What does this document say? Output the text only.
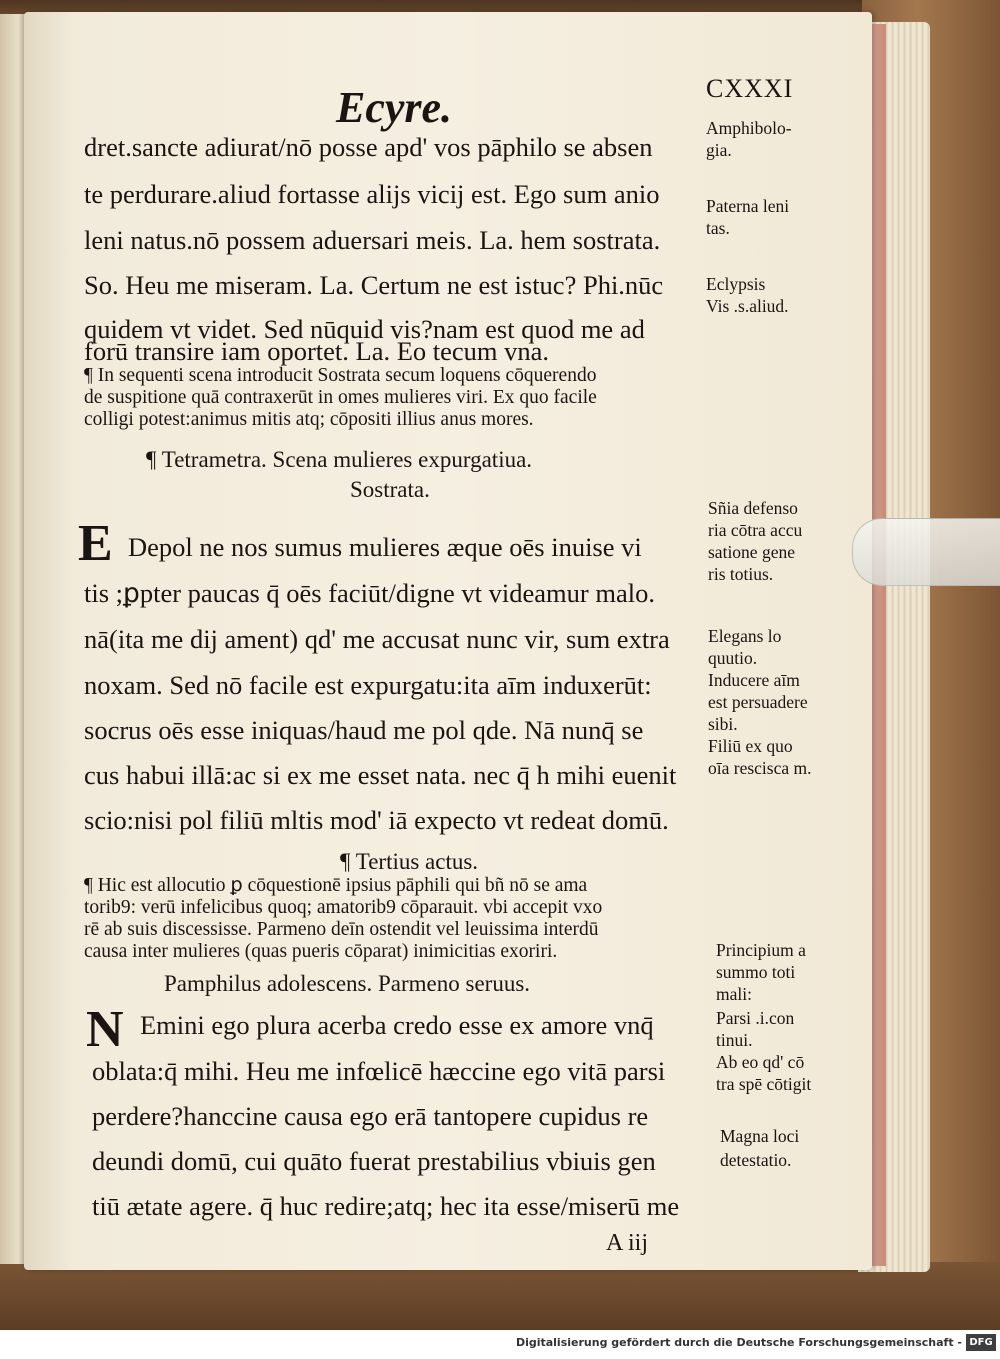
Ecyre.	CXXXI
dret.sancte adiurat/nō posse apd' vos pāphilo se absen
te perdurare.aliud fortasse alijs vicij est. Ego sum anio
leni natus.nō possem aduersari meis. La. hem sostrata.
So. Heu me miseram. La. Certum ne est istuc? Phi.nūc
quidem vt videt. Sed nūquid vis?nam est quod me ad
forū transire iam oportet. La. Eo tecum vna.
¶ In sequenti scena introducit Sostrata secum loquens cōquerendo
de suspitione quā contraxerūt in omes mulieres viri. Ex quo facile
colligi potest:animus mitis atq; cōpositi illius anus mores.
¶ Tetrametra. Scena mulieres expurgatiua.
Sostrata.
E Depol ne nos sumus mulieres æque oēs inuise vi
tis ;ꝑpter paucas q̄ oēs faciūt/digne vt videamur malo.
nā(ita me dij ament) qd' me accusat nunc vir, sum extra
noxam. Sed nō facile est expurgatu:ita aīm induxerūt:
socrus oēs esse iniquas/haud me pol qde. Nā nunq̄ se
cus habui illā:ac si ex me esset nata. nec q̄ h mihi euenit
scio:nisi pol filiū mltis mod' iā expecto vt redeat domū.
¶ Tertius actus.
¶ Hic est allocutio ꝑ cōquestionē ipsius pāphili qui bñ nō se ama
torib9: verū infelicibus quoq; amatorib9 cōparauit. vbi accepit vxo
rē ab suis discessisse. Parmeno deīn ostendit vel leuissima interdū
causa inter mulieres (quas pueris cōparat) inimicitias exoriri.
Pamphilus adolescens. Parmeno seruus.
N Emini ego plura acerba credo esse ex amore vnq̄
oblata:q̄ mihi. Heu me infœlicē hæccine ego vitā parsi
perdere?hanccine causa ego erā tantopere cupidus re
deundi domū, cui quāto fuerat prestabilius vbiuis gen
tiū ætate agere. q̄ huc redire;atq; hec ita esse/miserū me
A iij
Amphibolo-
gia.
Paterna leni
tas.
Eclypsis
Vis .s.aliud.
Sñia defenso
ria cōtra accu
satione gene
ris totius.
Elegans lo
quutio.
Inducere aīm
est persuadere
sibi.
Filiū ex quo
oīa rescisca m.
Principium a
summo toti
mali:
Parsi .i.con
tinui.
Ab eo qd' cō
tra spē cōtigit
Magna loci
detestatio.
Digitalisierung gefördert durch die Deutsche Forschungsgemeinschaft - DFG
